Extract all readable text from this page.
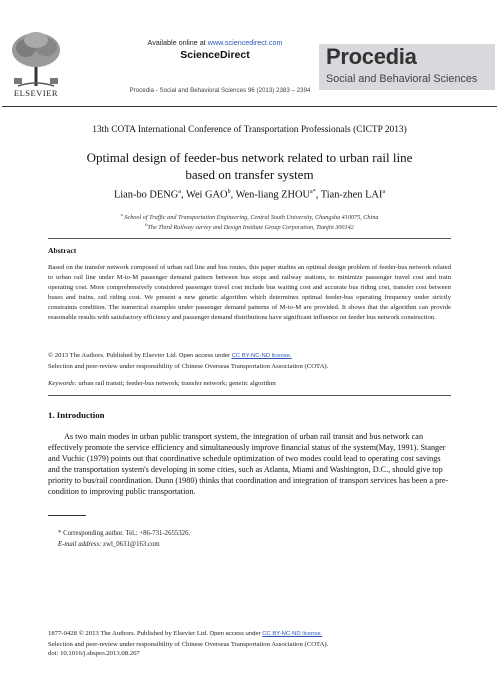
ELSEVIER
Available online at www.sciencedirect.com
ScienceDirect
Procedia - Social and Behavioral Sciences 96 (2013) 2383 – 2394
Procedia
Social and Behavioral Sciences
13th COTA International Conference of Transportation Professionals (CICTP 2013)
Optimal design of feeder-bus network related to urban rail line
based on transfer system
Lian-bo DENG$^a$, Wei GAO$^b$, Wen-liang $ZHOU^{a*}$, Tian-zhen LAI$^a$
$^a$ School of Traffic and Transportation Engineering, Central South University, Changsha 410075, China
$^b$The Third Railway survey and Design Institute Group Corporation, Tianjin 300142
Abstract
Based on the transfer network composed of urban rail line and bus routes, this paper studies an optimal design problem of feeder-bus network related to urban rail line under M-to-M passenger demand pattern between bus stops and railway stations, to minimize passenger travel cost and train operating cost. More comprehensively considered passenger travel cost include bus waiting cost and accurate bus riding cost, transfer cost between buses and trains, rail riding cost. We present a new genetic algorithm which determines optimal feeder-bus operating frequency under strictly constraints condition. The numerical examples under passenger demand patterns of M-to-M are provided. It shows that the algorithm can provide reasonable results with satisfactory efficiency and passenger demand distributions have significant influence on feeder bus network construction.
© 2013 The Authors. Published by Elsevier Ltd. Open access under CC BY-NC-ND license.
Selection and peer-review under responsibility of Chinese Overseas Transportation Association (COTA).
Keywords: urban rail transit; feeder-bus network; transfer network; genetic algorithm
1. Introduction
As two main modes in urban public transport system, the integration of urban rail transit and bus network can effectively promote the service efficiency and simultaneously improve financial status of the system(May, 1991). Stanger and Vuchic (1979) points out that coordinative schedule optimization of two modes could lead to operating cost savings and the transportation system's developing in some cities, such as Atlanta, Miami and Washington, D.C., should give top priority to bus/rail coordination. Dunn (1980) thinks that coordination and integration of transport services has been a pre-condition to improving public transportation.
* Corresponding author. Tel.: +86-731-2655326.
E-mail address: zwl_0631@163.com
1877-0428 © 2013 The Authors. Published by Elsevier Ltd. Open access under CC BY-NC-ND license.
Selection and peer-review under responsibility of Chinese Overseas Transportation Association (COTA).
doi: 10.1016/j.sbspro.2013.08.267
